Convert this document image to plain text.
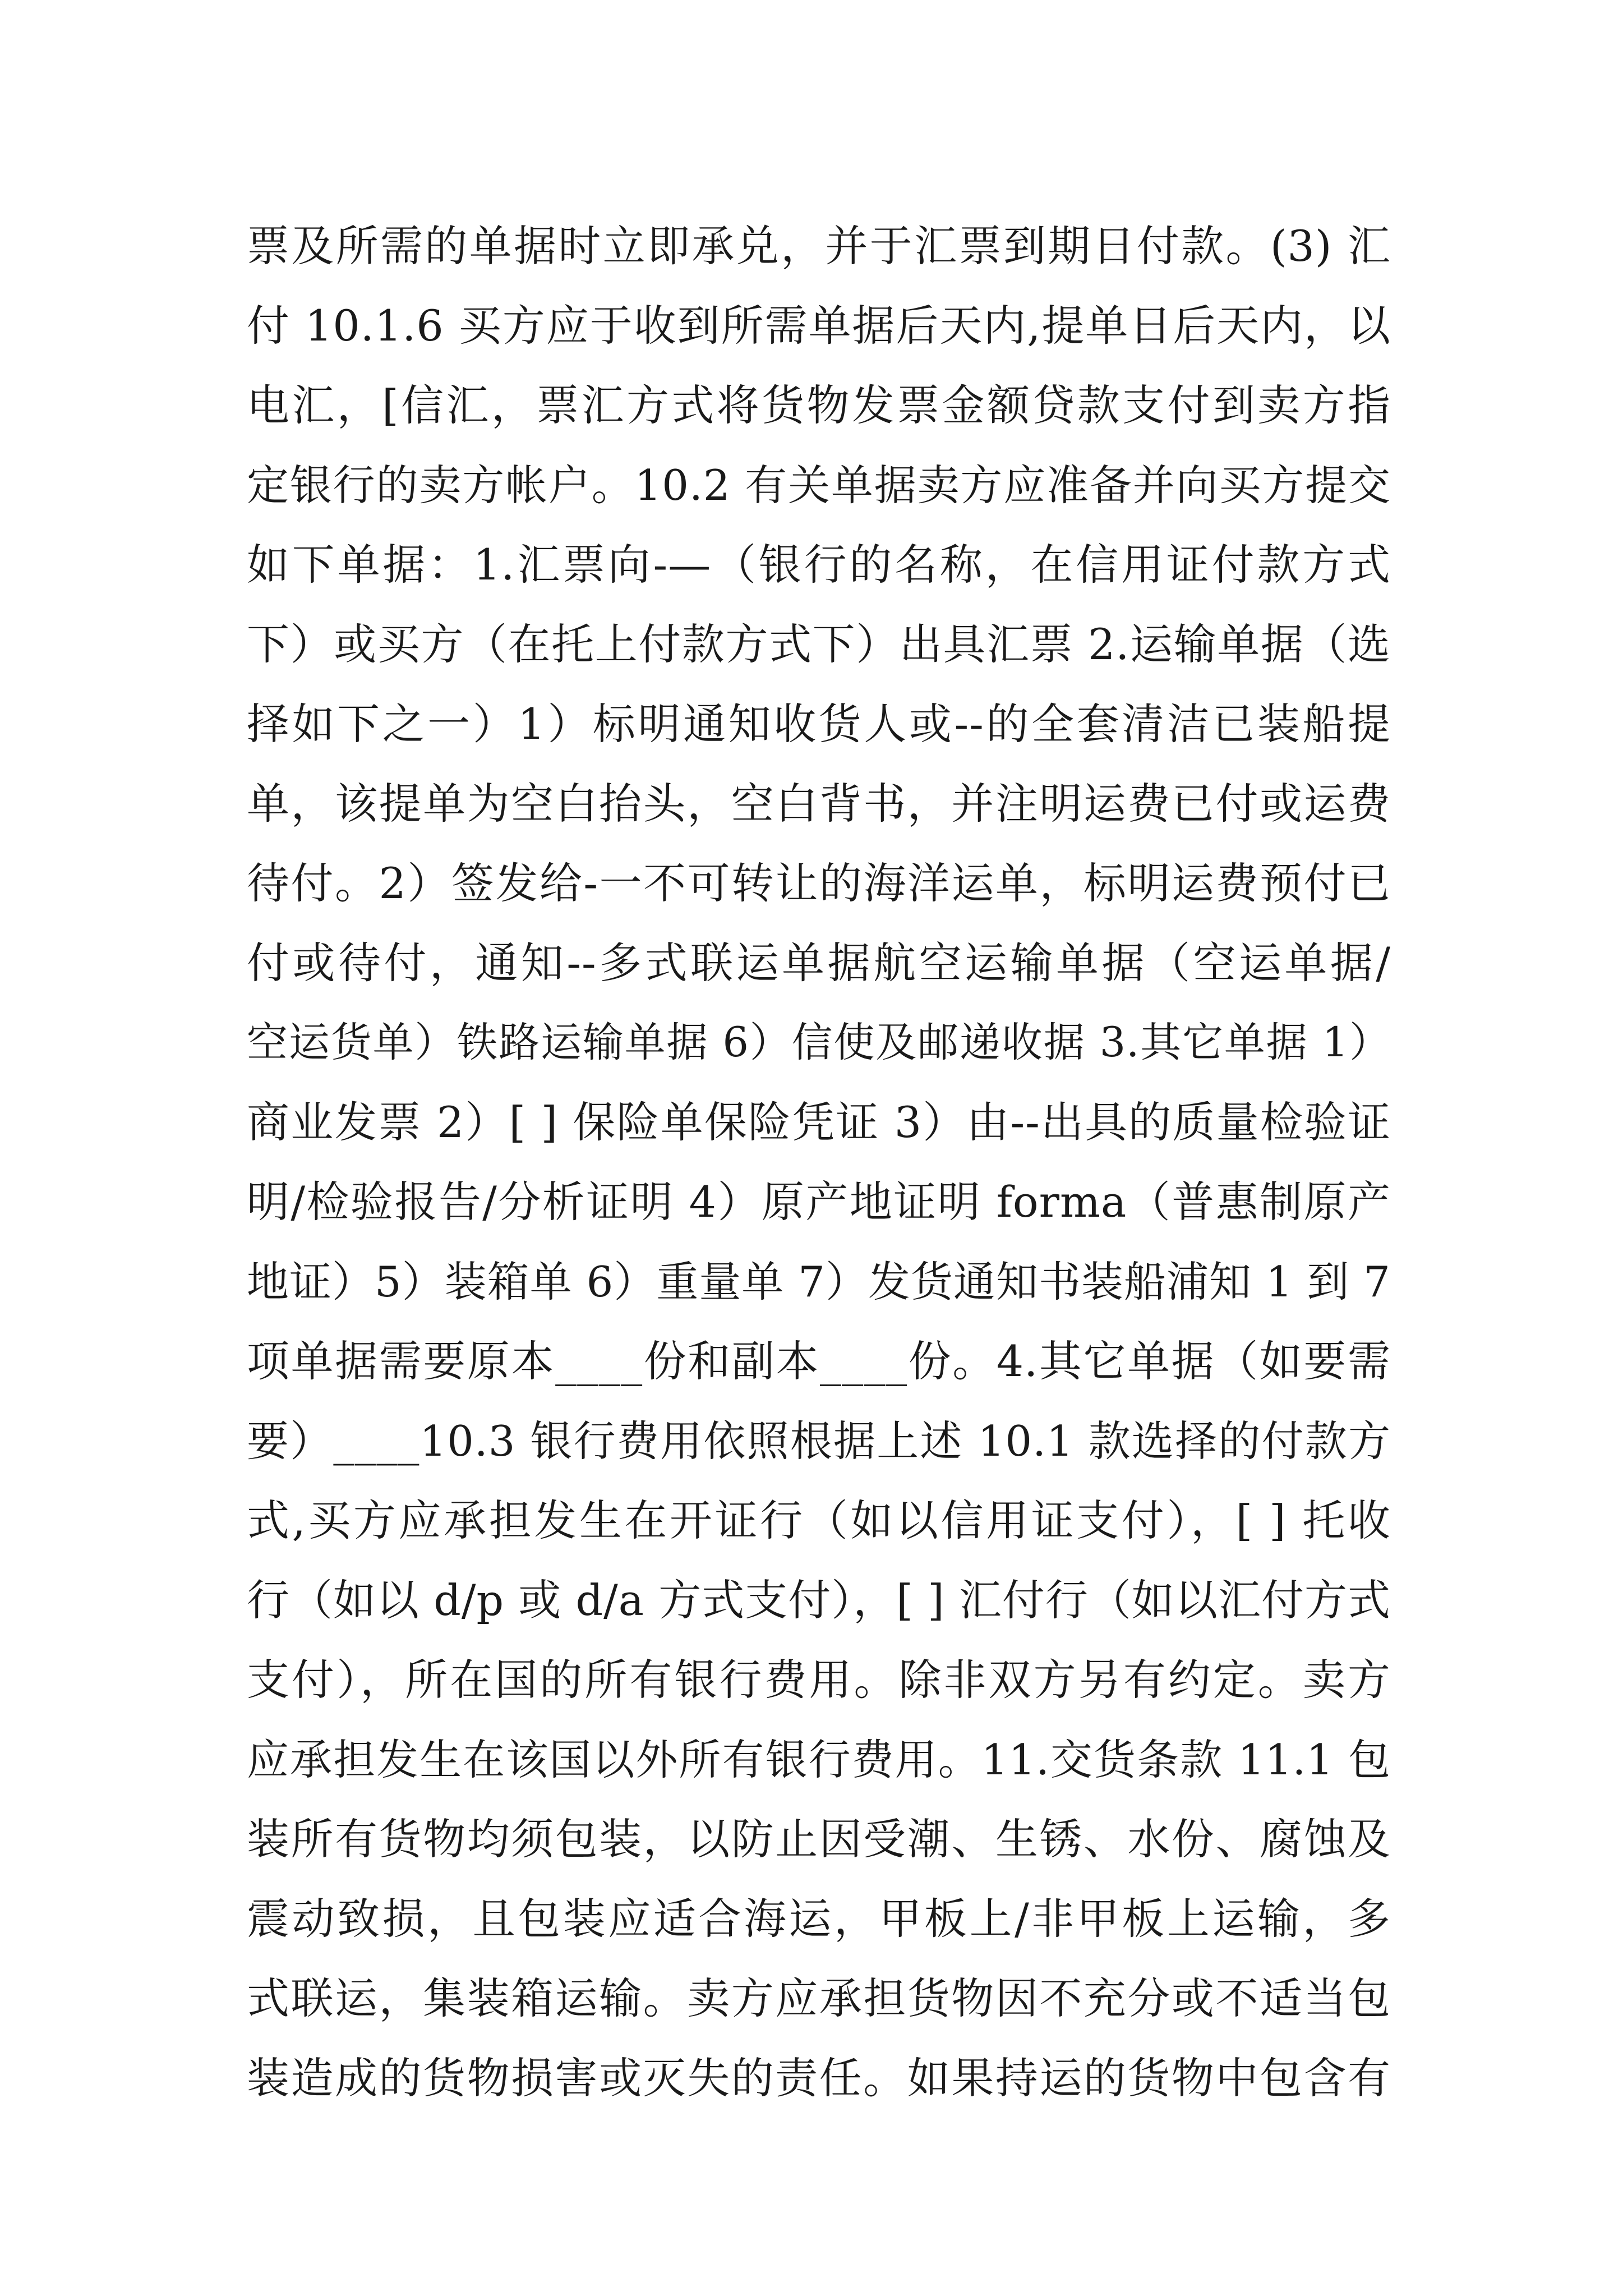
票及所需的单据时立即承兑，并于汇票到期日付款。(3) 汇
付 10.1.6 买方应于收到所需单据后天内,提单日后天内，以
电汇，[信汇，票汇方式将货物发票金额贷款支付到卖方指
定银行的卖方帐户。10.2 有关单据卖方应准备并向买方提交
如下单据：1.汇票向-—（银行的名称，在信用证付款方式
下）或买方（在托上付款方式下）出具汇票 2.运输单据（选
择如下之一）1）标明通知收货人或--的全套清洁已装船提
单，该提单为空白抬头，空白背书，并注明运费已付或运费
待付。2）签发给-一不可转让的海洋运单，标明运费预付已
付或待付，通知--多式联运单据航空运输单据（空运单据/
空运货单）铁路运输单据 6）信使及邮递收据 3.其它单据 1）
商业发票 2）[ ] 保险单保险凭证 3）由--出具的质量检验证
明/检验报告/分析证明 4）原产地证明 forma（普惠制原产
地证）5）装箱单 6）重量单 7）发货通知书装船浦知 1 到 7
项单据需要原本____份和副本____份。4.其它单据（如要需
要）____10.3 银行费用依照根据上述 10.1 款选择的付款方
式,买方应承担发生在开证行（如以信用证支付），[ ] 托收
行（如以 d/p 或 d/a 方式支付），[ ] 汇付行（如以汇付方式
支付），所在国的所有银行费用。除非双方另有约定。卖方
应承担发生在该国以外所有银行费用。11.交货条款 11.1 包
装所有货物均须包装，以防止因受潮、生锈、水份、腐蚀及
震动致损，且包装应适合海运，甲板上/非甲板上运输，多
式联运，集装箱运输。卖方应承担货物因不充分或不适当包
装造成的货物损害或灭失的责任。如果持运的货物中包含有
